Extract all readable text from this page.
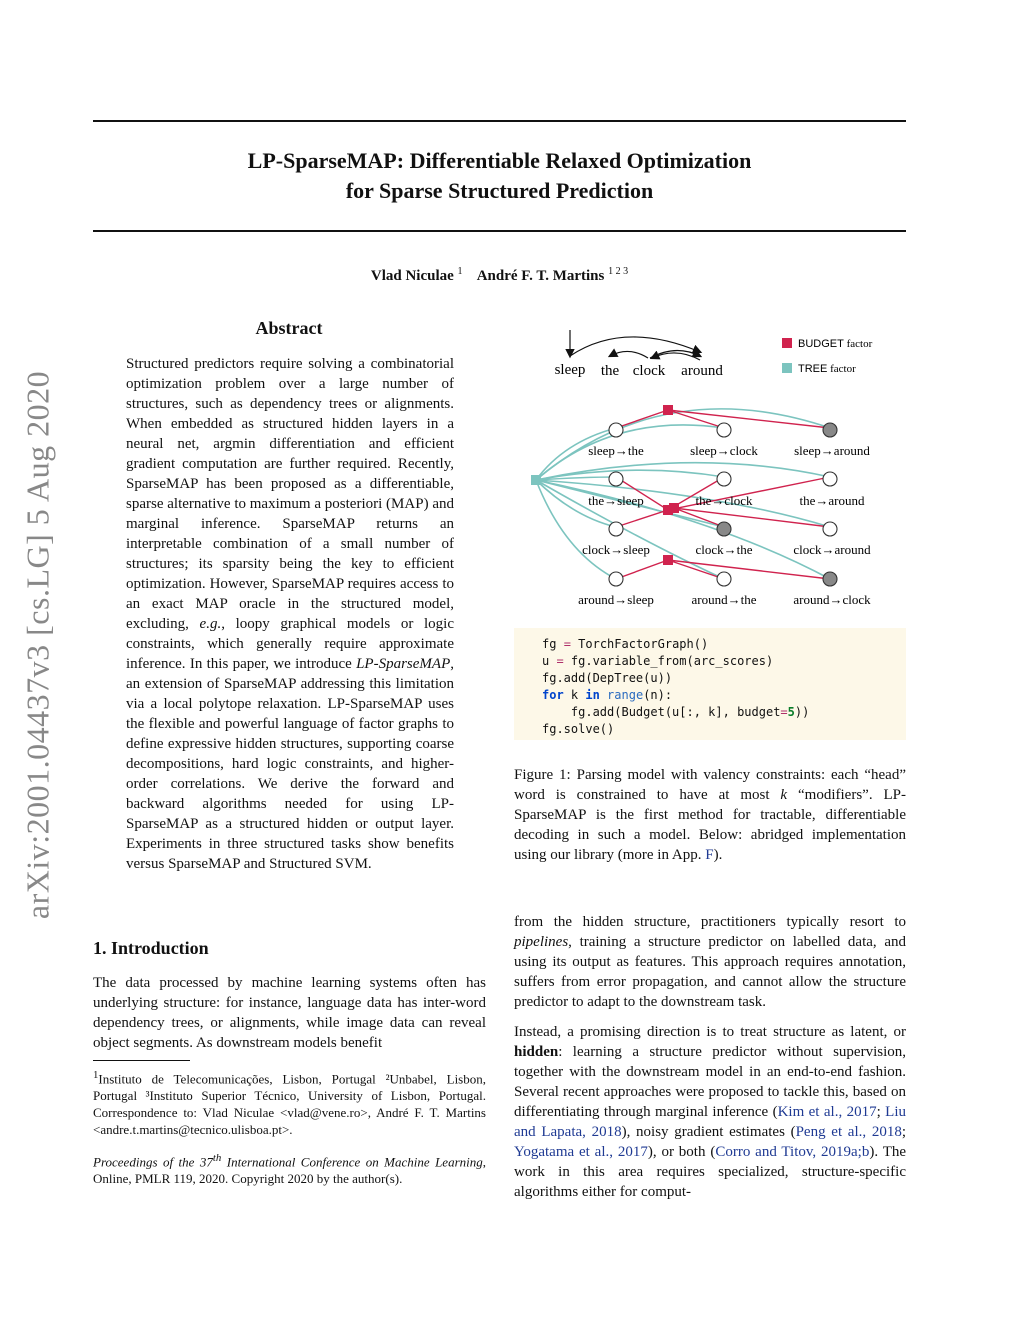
LP-SparseMAP: Differentiable Relaxed Optimization
for Sparse Structured Prediction
Vlad Niculae $^1$ André F. T. Martins $^{1 2 3}$
arXiv:2001.04437v3 [cs.LG] 5 Aug 2020
Abstract
Structured predictors require solving a combinatorial optimization problem over a large number of structures, such as dependency trees or alignments. When embedded as structured hidden layers in a neural net, argmin differentiation and efficient gradient computation are further required. Recently, SparseMAP has been proposed as a differentiable, sparse alternative to maximum a posteriori (MAP) and marginal inference. SparseMAP returns an interpretable combination of a small number of structures; its sparsity being the key to efficient optimization. However, SparseMAP requires access to an exact MAP oracle in the structured model, excluding, e.g., loopy graphical models or logic constraints, which generally require approximate inference. In this paper, we introduce LP-SparseMAP, an extension of SparseMAP addressing this limitation via a local polytope relaxation. LP-SparseMAP uses the flexible and powerful language of factor graphs to define expressive hidden structures, supporting coarse decompositions, hard logic constraints, and higher-order correlations. We derive the forward and backward algorithms needed for using LP-SparseMAP as a structured hidden or output layer. Experiments in three structured tasks show benefits versus SparseMAP and Structured SVM.
1. Introduction
The data processed by machine learning systems often has underlying structure: for instance, language data has inter-word dependency trees, or alignments, while image data can reveal object segments. As downstream models benefit
$^1$Instituto de Telecomunicações, Lisbon, Portugal ²Unbabel, Lisbon, Portugal ³Instituto Superior Técnico, University of Lisbon, Portugal. Correspondence to: Vlad Niculae <vlad@vene.ro>, André F. T. Martins <andre.t.martins@tecnico.ulisboa.pt>.
Proceedings of the 37th International Conference on Machine Learning, Online, PMLR 119, 2020. Copyright 2020 by the author(s).
sleep the clock around
BUDGET factor
TREE factor
sleep→the	sleep→clock	sleep→around
the→sleep	the→clock	the→around
clock→sleep	clock→the	clock→around
around→sleep	around→the	around→clock
fg = TorchFactorGraph()
u = fg.variable_from(arc_scores)
fg.add(DepTree(u))
for k in range(n):
fg.add(Budget(u[:, k], budget=5))
fg.solve()
Figure 1: Parsing model with valency constraints: each “head” word is constrained to have at most k “modifiers”. LP-SparseMAP is the first method for tractable, differentiable decoding in such a model. Below: abridged implementation using our library (more in App. F).
from the hidden structure, practitioners typically resort to pipelines, training a structure predictor on labelled data, and using its output as features. This approach requires annotation, suffers from error propagation, and cannot allow the structure predictor to adapt to the downstream task.
Instead, a promising direction is to treat structure as latent, or hidden: learning a structure predictor without supervision, together with the downstream model in an end-to-end fashion. Several recent approaches were proposed to tackle this, based on differentiating through marginal inference (Kim et al., 2017; Liu and Lapata, 2018), noisy gradient estimates (Peng et al., 2018; Yogatama et al., 2017), or both (Corro and Titov, 2019a;b). The work in this area requires specialized, structure-specific algorithms either for comput-
